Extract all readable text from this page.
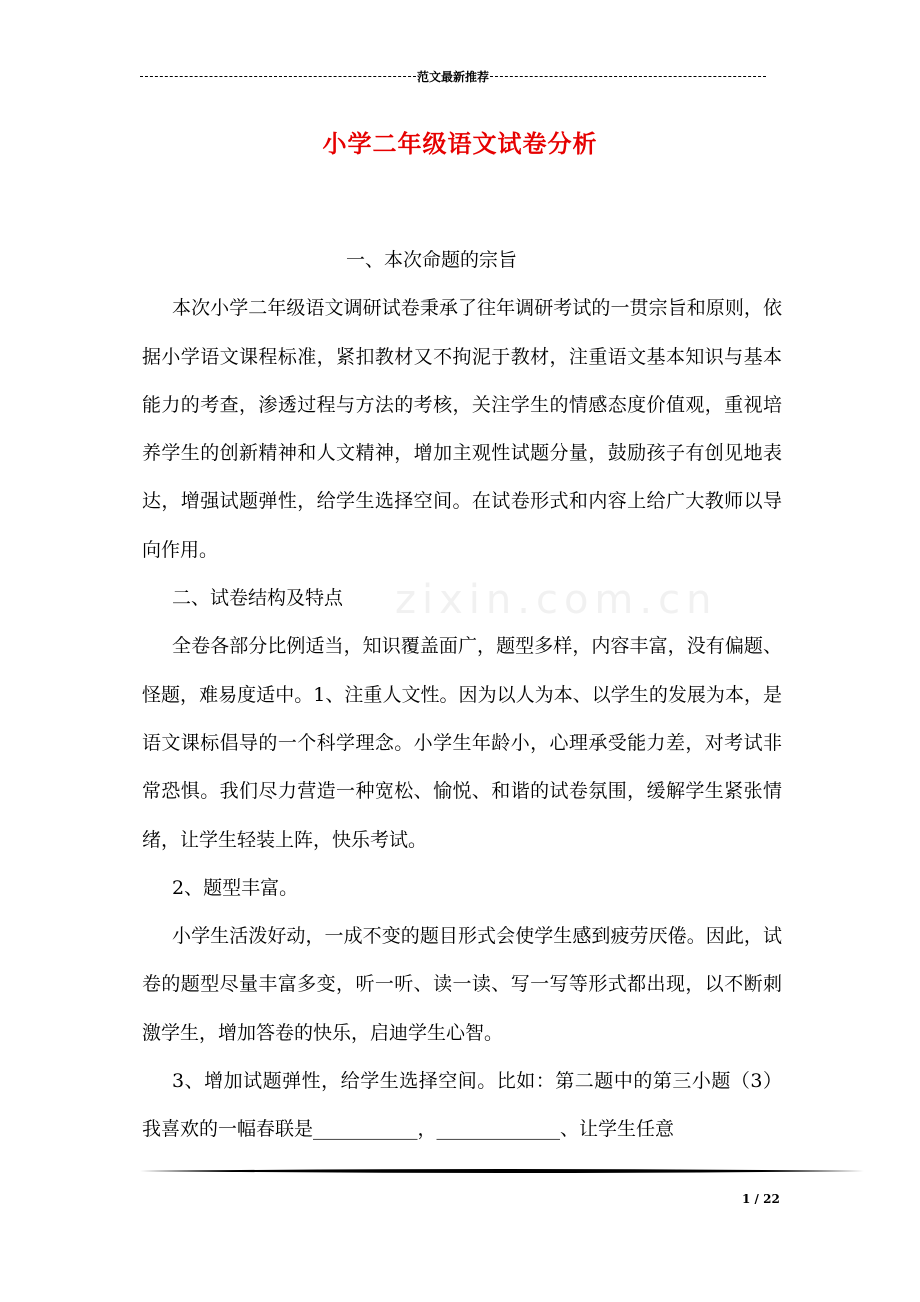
范文最新推荐
小学二年级语文试卷分析
zixin.com.cn

一、本次命题的宗旨

本次小学二年级语文调研试卷秉承了往年调研考试的一贯宗旨和原则，依据小学语文课程标准，紧扣教材又不拘泥于教材，注重语文基本知识与基本能力的考查，渗透过程与方法的考核，关注学生的情感态度价值观，重视培养学生的创新精神和人文精神，增加主观性试题分量，鼓励孩子有创见地表达，增强试题弹性，给学生选择空间。在试卷形式和内容上给广大教师以导向作用。

二、试卷结构及特点

全卷各部分比例适当，知识覆盖面广，题型多样，内容丰富，没有偏题、怪题，难易度适中。1、注重人文性。因为以人为本、以学生的发展为本，是语文课标倡导的一个科学理念。小学生年龄小，心理承受能力差，对考试非常恐惧。我们尽力营造一种宽松、愉悦、和谐的试卷氛围，缓解学生紧张情绪，让学生轻装上阵，快乐考试。

2、题型丰富。

小学生活泼好动，一成不变的题目形式会使学生感到疲劳厌倦。因此，试卷的题型尽量丰富多变，听一听、读一读、写一写等形式都出现，以不断刺激学生，增加答卷的快乐，启迪学生心智。

3、增加试题弹性，给学生选择空间。比如：第二题中的第三小题（3）我喜欢的一幅春联是___________，_____________、让学生任意

1 / 22
